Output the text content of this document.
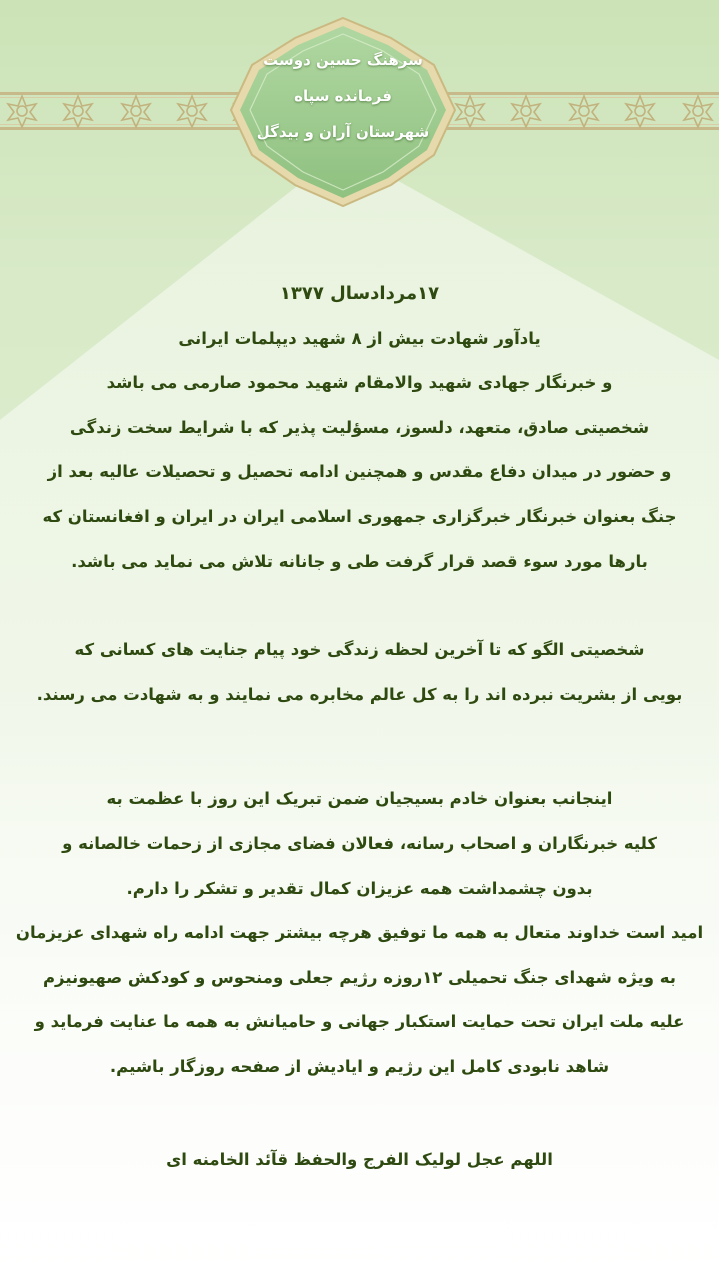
سرهنگ حسین دوست
فرمانده سپاه
شهرستان آران و بیدگل
۱۷مردادسال ۱۳۷۷
یادآور شهادت بیش از ۸ شهید دیپلمات ایرانی
و خبرنگار جهادی شهید والامقام شهید محمود صارمی می باشد
شخصیتی صادق، متعهد، دلسوز، مسؤلیت پذیر که با شرایط سخت زندگی
و حضور در میدان دفاع مقدس و همچنین ادامه تحصیل و تحصیلات عالیه بعد از
جنگ بعنوان خبرنگار خبرگزاری جمهوری اسلامی ایران در ایران و افغانستان که
بارها مورد سوء قصد قرار گرفت طی و جانانه تلاش می نماید می باشد.
شخصیتی الگو که تا آخرین لحظه زندگی خود پیام جنایت های کسانی که
بویی از بشریت نبرده اند را به کل عالم مخابره می نمایند و به شهادت می رسند.
اینجانب بعنوان خادم بسیجیان ضمن تبریک این روز با عظمت به
کلیه خبرنگاران و اصحاب رسانه، فعالان فضای مجازی از زحمات خالصانه و
بدون چشمداشت همه عزیزان کمال تقدیر و تشکر را دارم.
امید است خداوند متعال به همه ما توفیق هرچه بیشتر جهت ادامه راه شهدای عزیزمان
به ویژه شهدای جنگ تحمیلی ۱۲روزه رژیم جعلی ومنحوس و کودکش صهیونیزم
علیه ملت ایران تحت حمایت استکبار جهانی و حامیانش به همه ما عنایت فرماید و
شاهد نابودی کامل این رژیم و ایادیش از صفحه روزگار باشیم.
اللهم عجل لولیک الفرج والحفظ قآئد الخامنه ای
